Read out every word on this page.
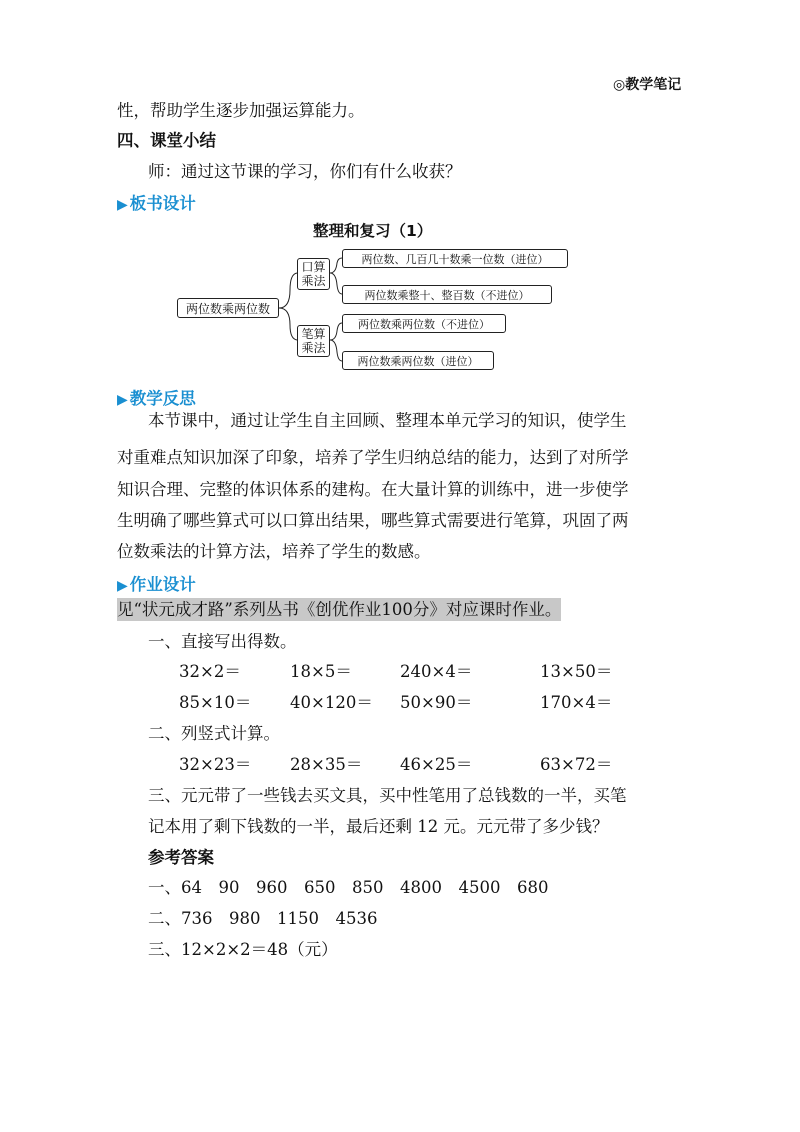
◎教学笔记
性，帮助学生逐步加强运算能力。
四、课堂小结
师：通过这节课的学习，你们有什么收获？
▶ 板书设计
整理和复习（1）
两位数乘两位数
口算
乘法
笔算
乘法
两位数、几百几十数乘一位数（进位）
两位数乘整十、整百数（不进位）
两位数乘两位数（不进位）
两位数乘两位数（进位）
▶ 教学反思
本节课中，通过让学生自主回顾、整理本单元学习的知识，使学生
对重难点知识加深了印象，培养了学生归纳总结的能力，达到了对所学
知识合理、完整的体识体系的建构。在大量计算的训练中，进一步使学
生明确了哪些算式可以口算出结果，哪些算式需要进行笔算，巩固了两
位数乘法的计算方法，培养了学生的数感。
▶ 作业设计
见“状元成才路”系列丛书《创优作业100分》对应课时作业。
一、直接写出得数。
32×2＝	18×5＝	240×4＝	13×50＝
85×10＝ 40×120＝ 50×90＝	170×4＝
二、列竖式计算。
32×23＝ 28×35＝ 46×25＝	63×72＝
三、元元带了一些钱去买文具，买中性笔用了总钱数的一半，买笔
记本用了剩下钱数的一半，最后还剩 12 元。元元带了多少钱？
参考答案
一、64　90　960　650　850　4800　4500　680
二、736　980　1150　4536
三、12×2×2＝48（元）
